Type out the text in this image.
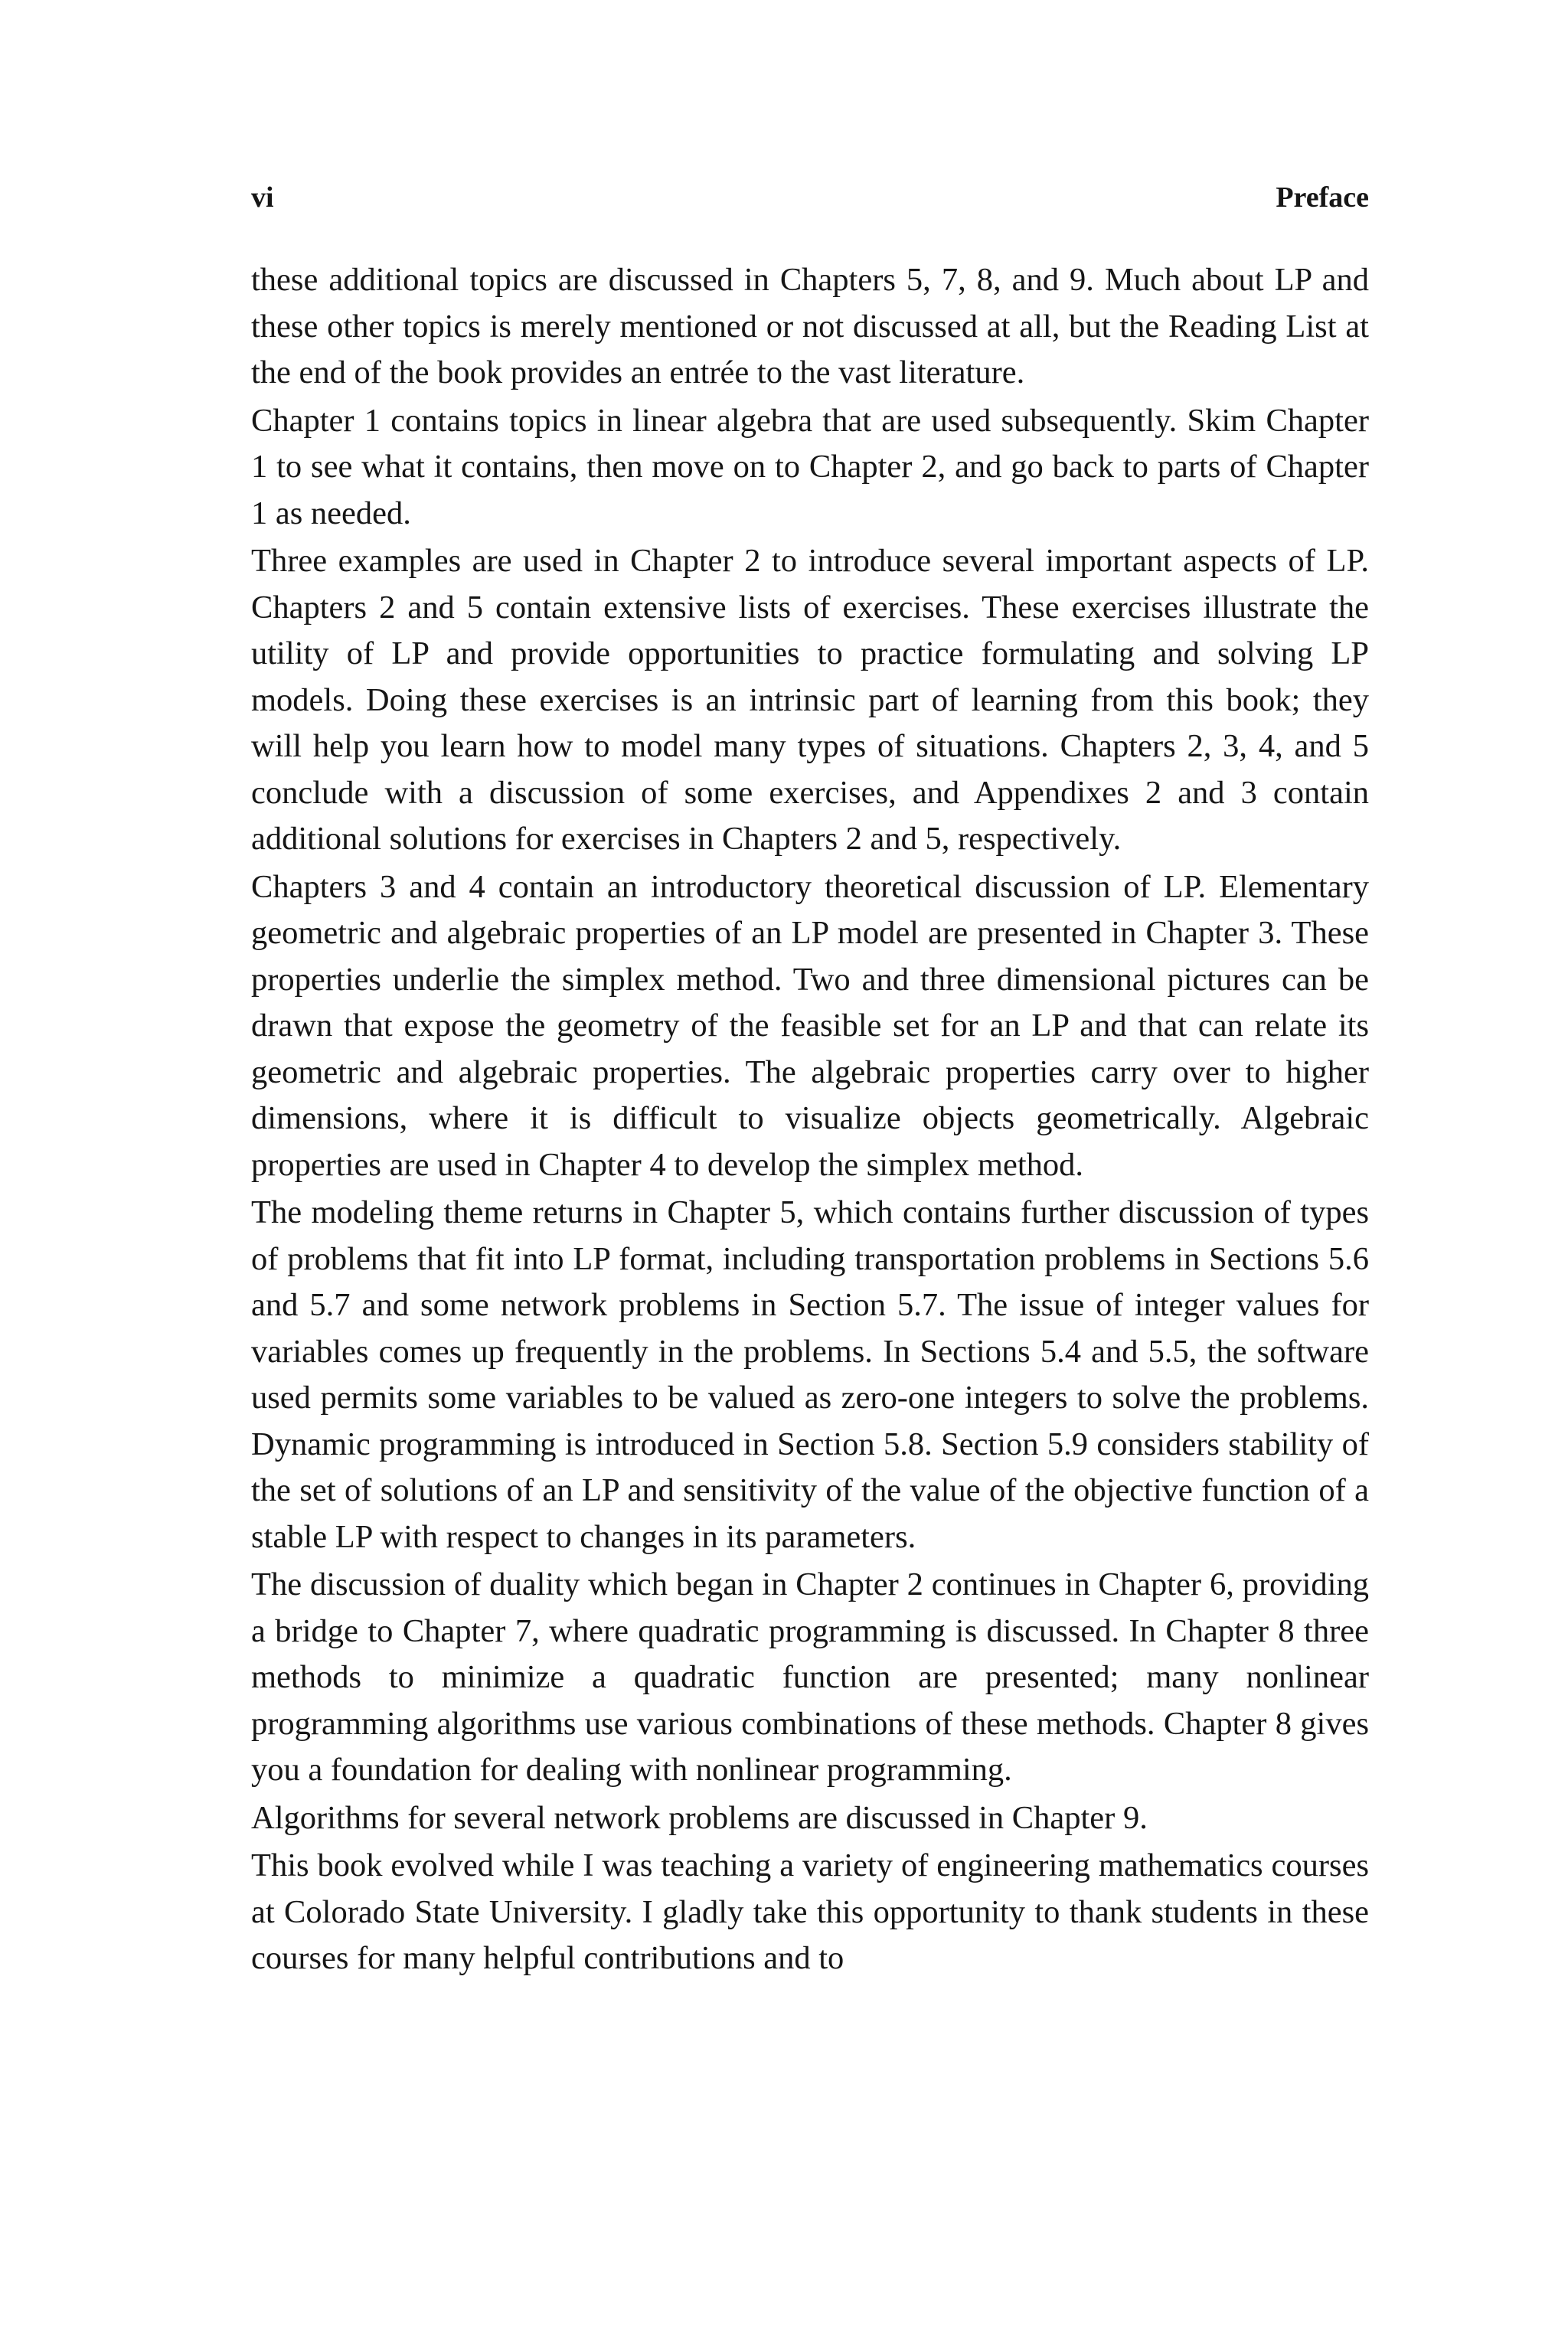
vi	Preface

these additional topics are discussed in Chapters 5, 7, 8, and 9. Much about LP and these other topics is merely mentioned or not discussed at all, but the Reading List at the end of the book provides an entrée to the vast literature.

Chapter 1 contains topics in linear algebra that are used subsequently. Skim Chapter 1 to see what it contains, then move on to Chapter 2, and go back to parts of Chapter 1 as needed.

Three examples are used in Chapter 2 to introduce several important aspects of LP. Chapters 2 and 5 contain extensive lists of exercises. These exercises illustrate the utility of LP and provide opportunities to practice formulating and solving LP models. Doing these exercises is an intrinsic part of learning from this book; they will help you learn how to model many types of situations. Chapters 2, 3, 4, and 5 conclude with a discussion of some exercises, and Appendixes 2 and 3 contain additional solutions for exercises in Chapters 2 and 5, respectively.

Chapters 3 and 4 contain an introductory theoretical discussion of LP. Elementary geometric and algebraic properties of an LP model are presented in Chapter 3. These properties underlie the simplex method. Two and three dimensional pictures can be drawn that expose the geometry of the feasible set for an LP and that can relate its geometric and algebraic properties. The algebraic properties carry over to higher dimensions, where it is difficult to visualize objects geometrically. Algebraic properties are used in Chapter 4 to develop the simplex method.

The modeling theme returns in Chapter 5, which contains further discussion of types of problems that fit into LP format, including transportation problems in Sections 5.6 and 5.7 and some network problems in Section 5.7. The issue of integer values for variables comes up frequently in the problems. In Sections 5.4 and 5.5, the software used permits some variables to be valued as zero-one integers to solve the problems. Dynamic programming is introduced in Section 5.8. Section 5.9 considers stability of the set of solutions of an LP and sensitivity of the value of the objective function of a stable LP with respect to changes in its parameters.

The discussion of duality which began in Chapter 2 continues in Chapter 6, providing a bridge to Chapter 7, where quadratic programming is discussed. In Chapter 8 three methods to minimize a quadratic function are presented; many nonlinear programming algorithms use various combinations of these methods. Chapter 8 gives you a foundation for dealing with nonlinear programming.

Algorithms for several network problems are discussed in Chapter 9.

This book evolved while I was teaching a variety of engineering mathematics courses at Colorado State University. I gladly take this opportunity to thank students in these courses for many helpful contributions and to
